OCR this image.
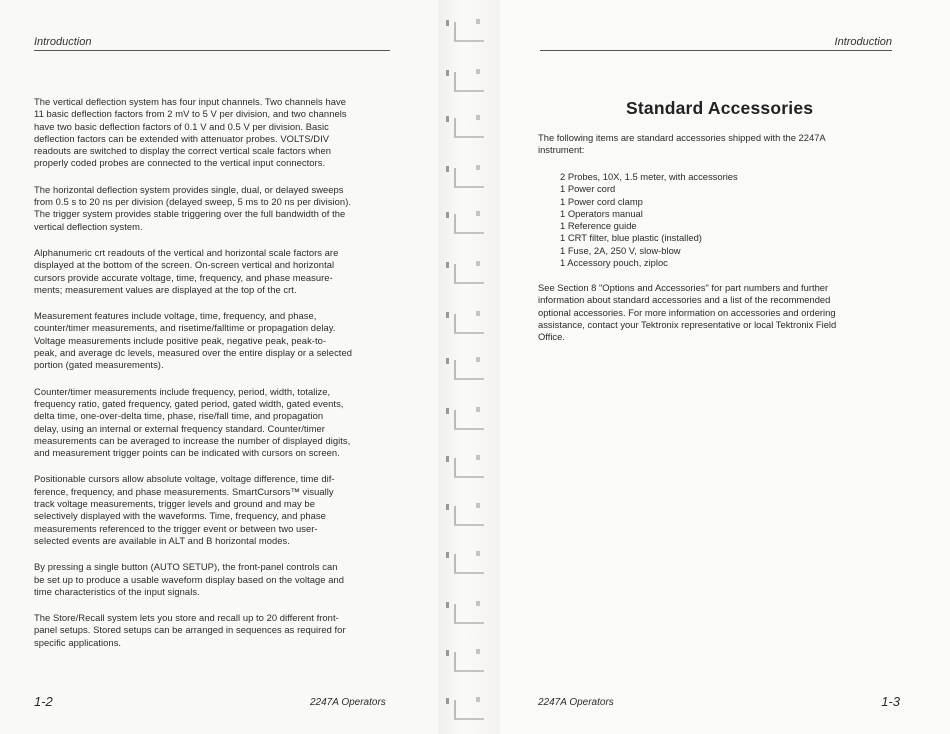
Introduction

The vertical deflection system has four input channels. Two channels have
11 basic deflection factors from 2 mV to 5 V per division, and two channels
have two basic deflection factors of 0.1 V and 0.5 V per division. Basic
deflection factors can be extended with attenuator probes. VOLTS/DIV
readouts are switched to display the correct vertical scale factors when
properly coded probes are connected to the vertical input connectors.

The horizontal deflection system provides single, dual, or delayed sweeps
from 0.5 s to 20 ns per division (delayed sweep, 5 ms to 20 ns per division).
The trigger system provides stable triggering over the full bandwidth of the
vertical deflection system.

Alphanumeric crt readouts of the vertical and horizontal scale factors are
displayed at the bottom of the screen. On-screen vertical and horizontal
cursors provide accurate voltage, time, frequency, and phase measure-
ments; measurement values are displayed at the top of the crt.

Measurement features include voltage, time, frequency, and phase,
counter/timer measurements, and risetime/falltime or propagation delay.
Voltage measurements include positive peak, negative peak, peak-to-
peak, and average dc levels, measured over the entire display or a selected
portion (gated measurements).

Counter/timer measurements include frequency, period, width, totalize,
frequency ratio, gated frequency, gated period, gated width, gated events,
delta time, one-over-delta time, phase, rise/fall time, and propagation
delay, using an internal or external frequency standard. Counter/timer
measurements can be averaged to increase the number of displayed digits,
and measurement trigger points can be indicated with cursors on screen.

Positionable cursors allow absolute voltage, voltage difference, time dif-
ference, frequency, and phase measurements. SmartCursors™ visually
track voltage measurements, trigger levels and ground and may be
selectively displayed with the waveforms. Time, frequency, and phase
measurements referenced to the trigger event or between two user-
selected events are available in ALT and B horizontal modes.

By pressing a single button (AUTO SETUP), the front-panel controls can
be set up to produce a usable waveform display based on the voltage and
time characteristics of the input signals.

The Store/Recall system lets you store and recall up to 20 different front-
panel setups. Stored setups can be arranged in sequences as required for
specific applications.

1-2	2247A Operators
Introduction
Standard Accessories
The following items are standard accessories shipped with the 2247A
instrument:
2 Probes, 10X, 1.5 meter, with accessories
1 Power cord
1 Power cord clamp
1 Operators manual
1 Reference guide
1 CRT filter, blue plastic (installed)
1 Fuse, 2A, 250 V, slow-blow
1 Accessory pouch, ziploc
See Section 8 "Options and Accessories" for part numbers and further
information about standard accessories and a list of the recommended
optional accessories. For more information on accessories and ordering
assistance, contact your Tektronix representative or local Tektronix Field
Office.
2247A Operators	1-3
